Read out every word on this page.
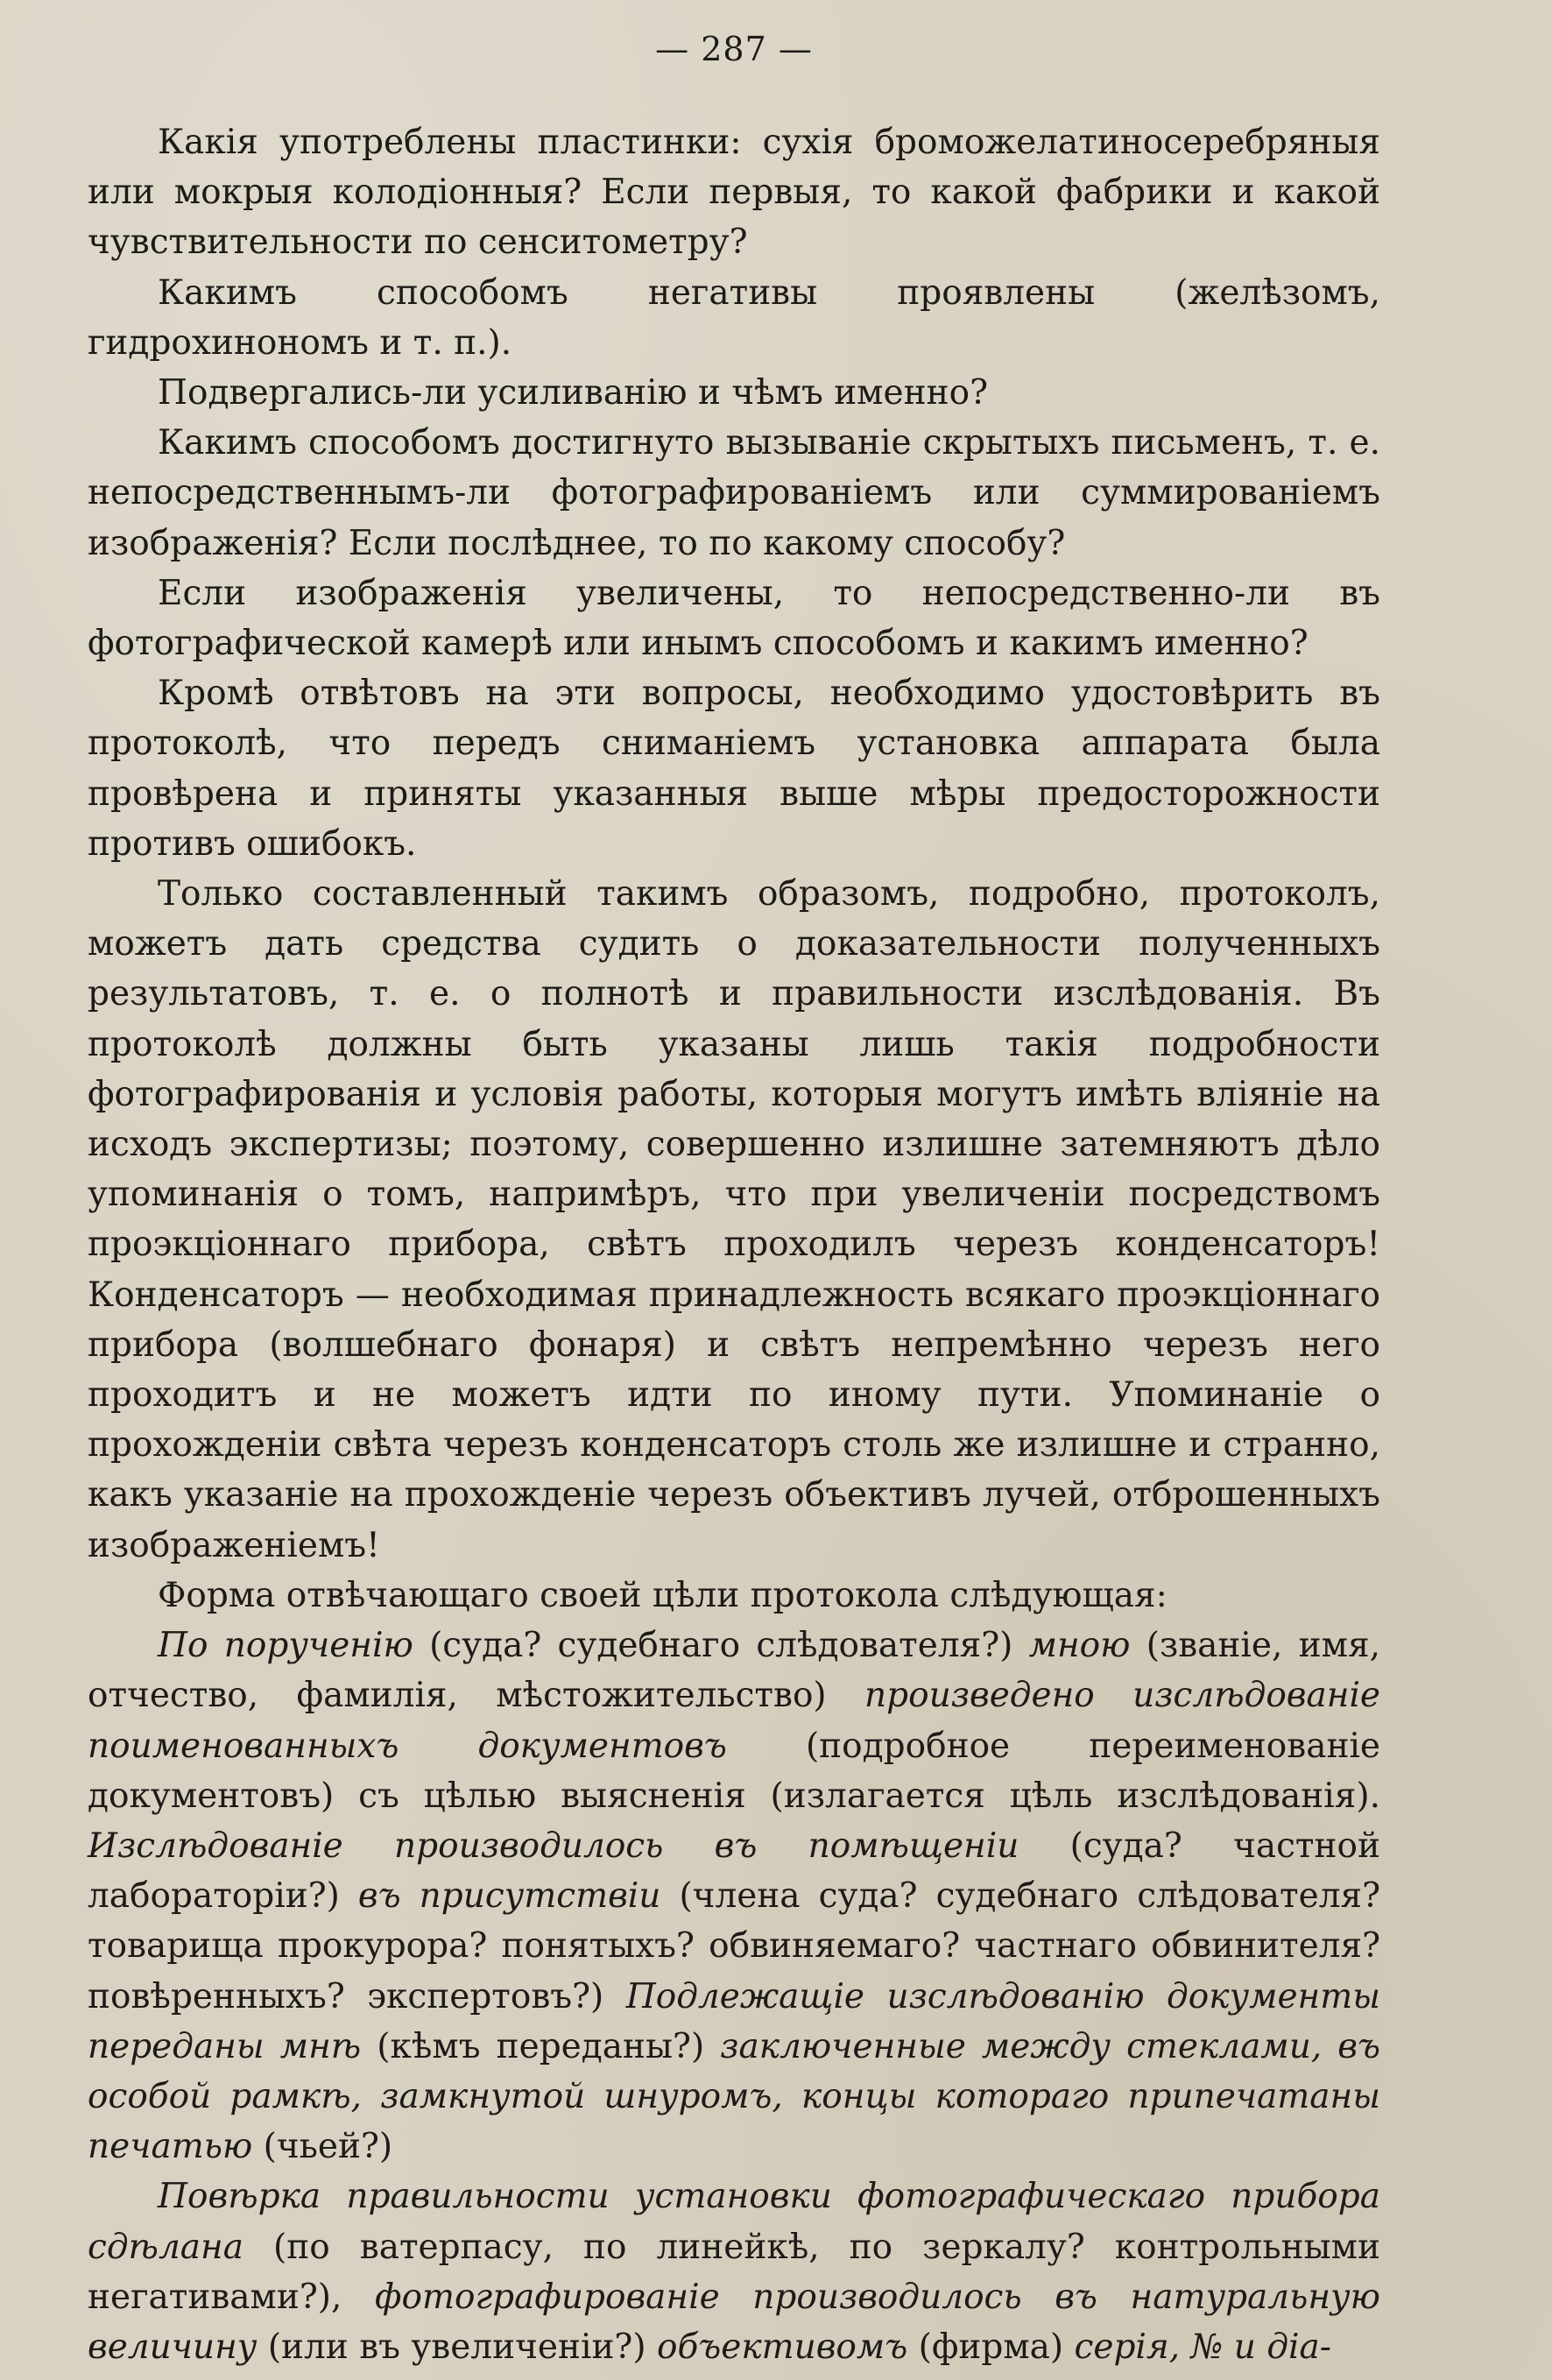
— 287 —

Какія употреблены пластинки: сухія броможелатиносеребряныя или мокрыя колодіонныя? Если первыя, то какой фабрики и какой чувствительности по сенситометру?

Какимъ способомъ негативы проявлены (желѣзомъ, гидрохинономъ и т. п.).

Подвергались-ли усиливанію и чѣмъ именно?

Какимъ способомъ достигнуто вызываніе скрытыхъ письменъ, т. е. непосредственнымъ-ли фотографированіемъ или суммированіемъ изображенія? Если послѣднее, то по какому способу?

Если изображенія увеличены, то непосредственно-ли въ фотографической камерѣ или инымъ способомъ и какимъ именно?

Кромѣ отвѣтовъ на эти вопросы, необходимо удостовѣрить въ протоколѣ, что передъ сниманіемъ установка аппарата была провѣрена и приняты указанныя выше мѣры предосторожности противъ ошибокъ.

Только составленный такимъ образомъ, подробно, протоколъ, можетъ дать средства судить о доказательности полученныхъ результатовъ, т. е. о полнотѣ и правильности изслѣдованія. Въ протоколѣ должны быть указаны лишь такія подробности фотографированія и условія работы, которыя могутъ имѣть вліяніе на исходъ экспертизы; поэтому, совершенно излишне затемняютъ дѣло упоминанія о томъ, напримѣръ, что при увеличеніи посредствомъ проэкціоннаго прибора, свѣтъ проходилъ черезъ конденсаторъ! Конденсаторъ — необходимая принадлежность всякаго проэкціоннаго прибора (волшебнаго фонаря) и свѣтъ непремѣнно черезъ него проходитъ и не можетъ идти по иному пути. Упоминаніе о прохожденіи свѣта черезъ конденсаторъ столь же излишне и странно, какъ указаніе на прохожденіе черезъ объективъ лучей, отброшенныхъ изображеніемъ!

Форма отвѣчающаго своей цѣли протокола слѣдующая:

По порученію (суда? судебнаго слѣдователя?) мною (званіе, имя, отчество, фамилія, мѣстожительство) произведено изслѣдованіе поименованныхъ документовъ (подробное переименованіе документовъ) съ цѣлью выясненія (излагается цѣль изслѣдованія). Изслѣдованіе производилось въ помѣщеніи (суда? частной лабораторіи?) въ присутствіи (члена суда? судебнаго слѣдователя? товарища прокурора? понятыхъ? обвиняемаго? частнаго обвинителя? повѣренныхъ? экспертовъ?) Подлежащіе изслѣдованію документы переданы мнѣ (кѣмъ переданы?) заключенные между стеклами, въ особой рамкѣ, замкнутой шнуромъ, концы котораго припечатаны печатью (чьей?)

Повѣрка правильности установки фотографическаго прибора сдѣлана (по ватерпасу, по линейкѣ, по зеркалу? контрольными негативами?), фотографированіе производилось въ натуральную величину (или въ увеличеніи?) объективомъ (фирма) серія, № и діа-
